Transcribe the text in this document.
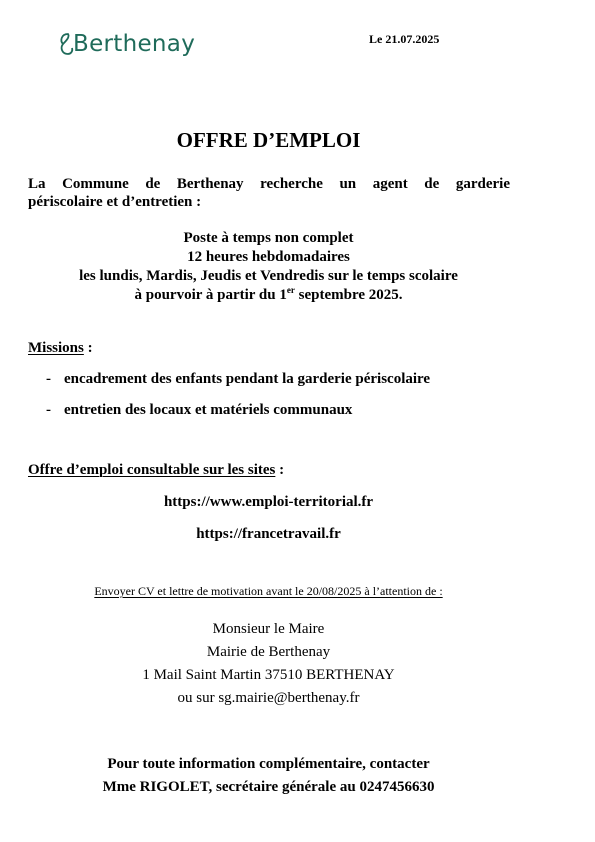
Berthenay	Le 21.07.2025
OFFRE D’EMPLOI
La Commune de Berthenay recherche un agent de garderie
périscolaire et d’entretien :
Poste à temps non complet
12 heures hebdomadaires
les lundis, Mardis, Jeudis et Vendredis sur le temps scolaire
à pourvoir à partir du 1er septembre 2025.
Missions :
- encadrement des enfants pendant la garderie périscolaire
- entretien des locaux et matériels communaux
Offre d’emploi consultable sur les sites :
https://www.emploi-territorial.fr
https://francetravail.fr
Envoyer CV et lettre de motivation avant le 20/08/2025 à l’attention de :
Monsieur le Maire
Mairie de Berthenay
1 Mail Saint Martin 37510 BERTHENAY
ou sur sg.mairie@berthenay.fr
Pour toute information complémentaire, contacter
Mme RIGOLET, secrétaire générale au 0247456630
